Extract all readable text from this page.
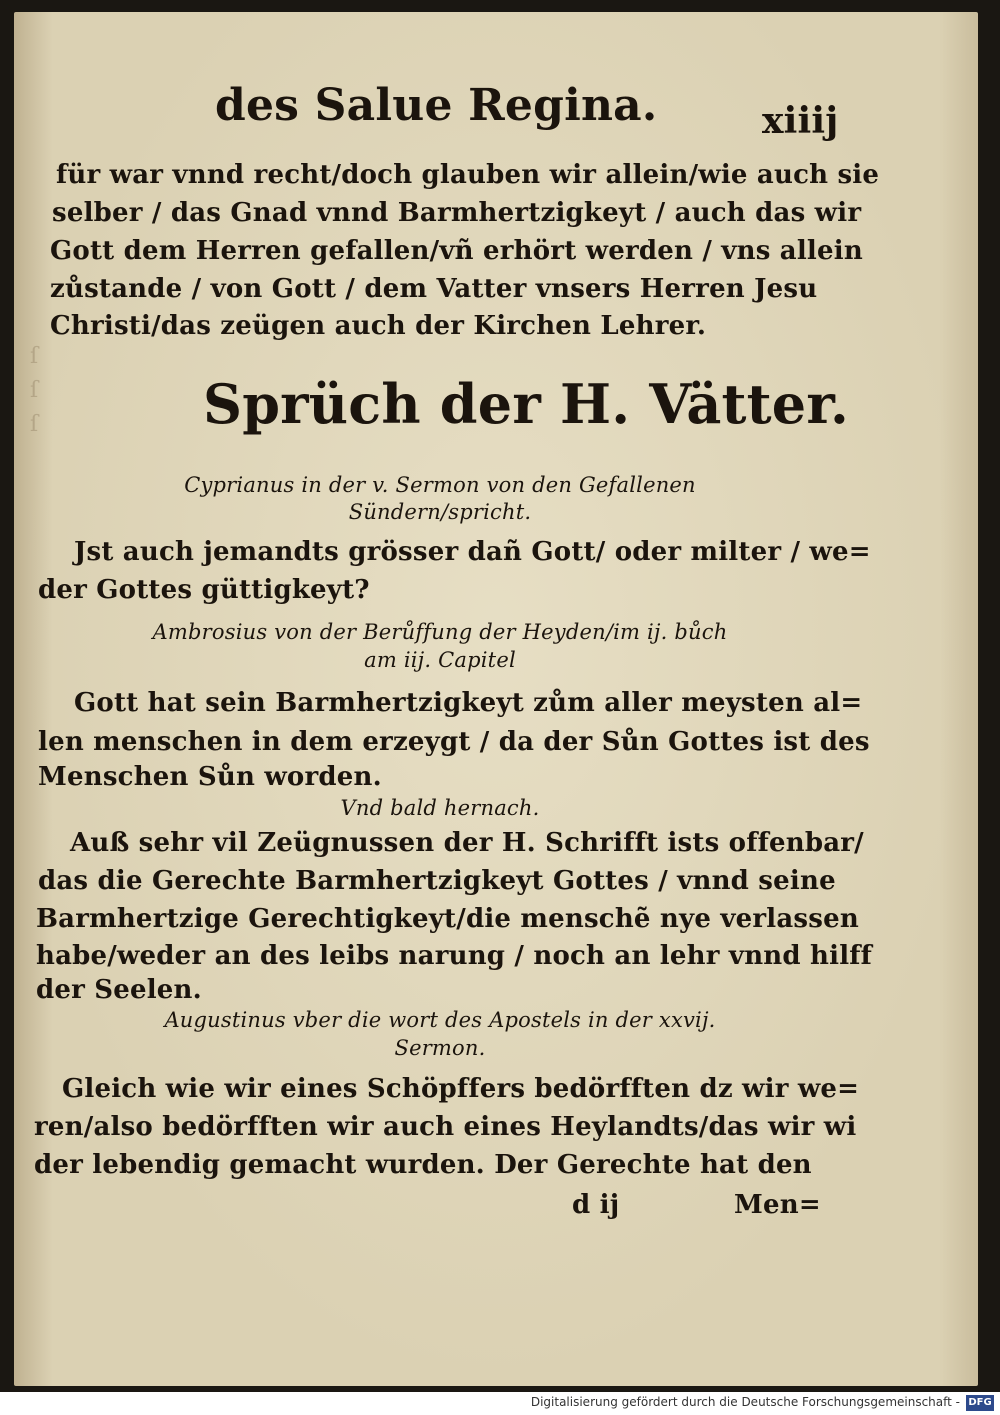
ſ
ſ
ſ
des Salue Regina.	xiiij
für war vnnd recht/doch glauben wir allein/wie auch sie
selber / das Gnad vnnd Barmhertzigkeyt / auch das wir
Gott dem Herren gefallen/vñ erhört werden / vns allein
zůstande / von Gott / dem Vatter vnsers Herren Jesu
Christi/das zeügen auch der Kirchen Lehrer.
Sprüch der H. Vätter.
Cyprianus in der v. Sermon von den Gefallenen
Sündern/spricht.
Jst auch jemandts grösser dañ Gott/ oder milter / we=
der Gottes güttigkeyt?
Ambrosius von der Berůffung der Heyden/im ij. bůch
am iij. Capitel
Gott hat sein Barmhertzigkeyt zům aller meysten al=
len menschen in dem erzeygt / da der Sůn Gottes ist des
Menschen Sůn worden.
Vnd bald hernach.
Auß sehr vil Zeügnussen der H. Schrifft ists offenbar/
das die Gerechte Barmhertzigkeyt Gottes / vnnd seine
Barmhertzige Gerechtigkeyt/die menschẽ nye verlassen
habe/weder an des leibs narung / noch an lehr vnnd hilff
der Seelen.
Augustinus vber die wort des Apostels in der xxvij.
Sermon.
Gleich wie wir eines Schöpffers bedörfften dz wir we=
ren/also bedörfften wir auch eines Heylandts/das wir wi
der lebendig gemacht wurden. Der Gerechte hat den
d ij	Men=
Digitalisierung gefördert durch die Deutsche Forschungsgemeinschaft - DFG
